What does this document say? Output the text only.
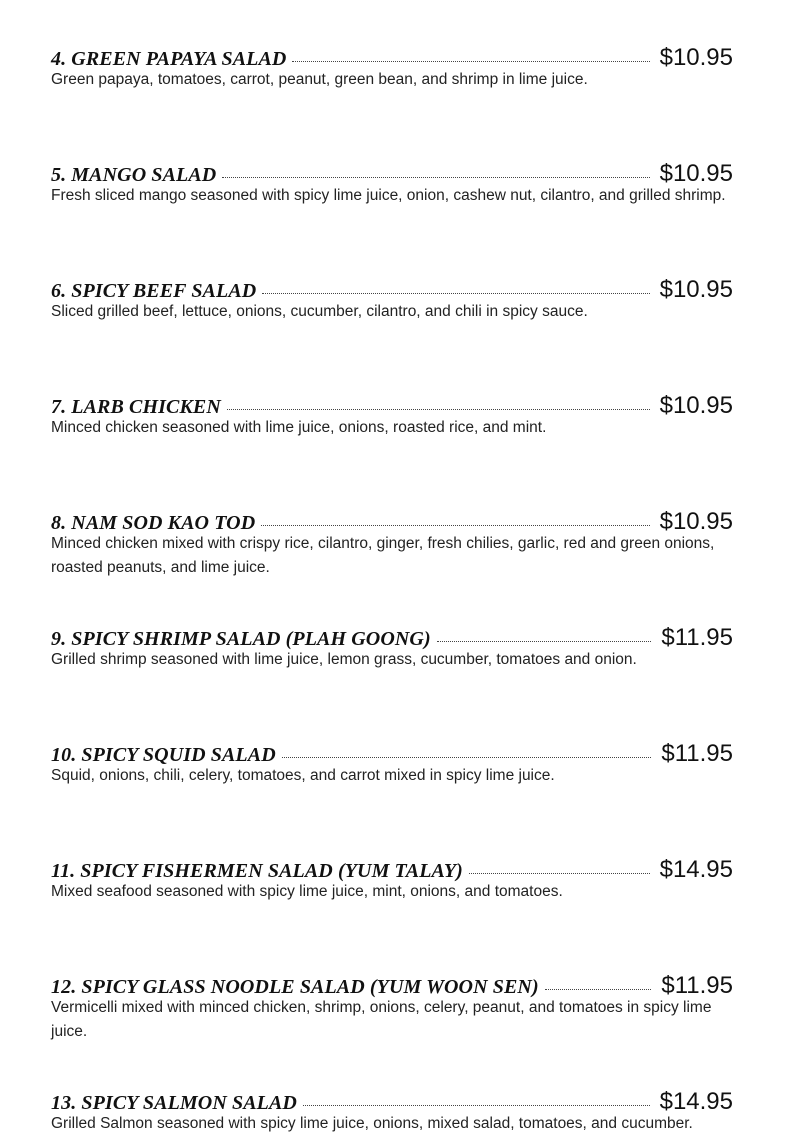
4. GREEN PAPAYA SALAD	$10.95
Green papaya, tomatoes, carrot, peanut, green bean, and shrimp in lime juice.
5. MANGO SALAD	$10.95
Fresh sliced mango seasoned with spicy lime juice, onion, cashew nut, cilantro, and grilled shrimp.
6. SPICY BEEF SALAD	$10.95
Sliced grilled beef, lettuce, onions, cucumber, cilantro, and chili in spicy sauce.
7. LARB CHICKEN	$10.95
Minced chicken seasoned with lime juice, onions, roasted rice, and mint.
8. NAM SOD KAO TOD	$10.95
Minced chicken mixed with crispy rice, cilantro, ginger, fresh chilies, garlic, red and green onions, roasted peanuts, and lime juice.
9. SPICY SHRIMP SALAD (PLAH GOONG)	$11.95
Grilled shrimp seasoned with lime juice, lemon grass, cucumber, tomatoes and onion.
10. SPICY SQUID SALAD	$11.95
Squid, onions, chili, celery, tomatoes, and carrot mixed in spicy lime juice.
11. SPICY FISHERMEN SALAD (YUM TALAY)	$14.95
Mixed seafood seasoned with spicy lime juice, mint, onions, and tomatoes.
12. SPICY GLASS NOODLE SALAD (YUM WOON SEN)	$11.95
Vermicelli mixed with minced chicken, shrimp, onions, celery, peanut, and tomatoes in spicy lime juice.
13. SPICY SALMON SALAD	$14.95
Grilled Salmon seasoned with spicy lime juice, onions, mixed salad, tomatoes, and cucumber.
